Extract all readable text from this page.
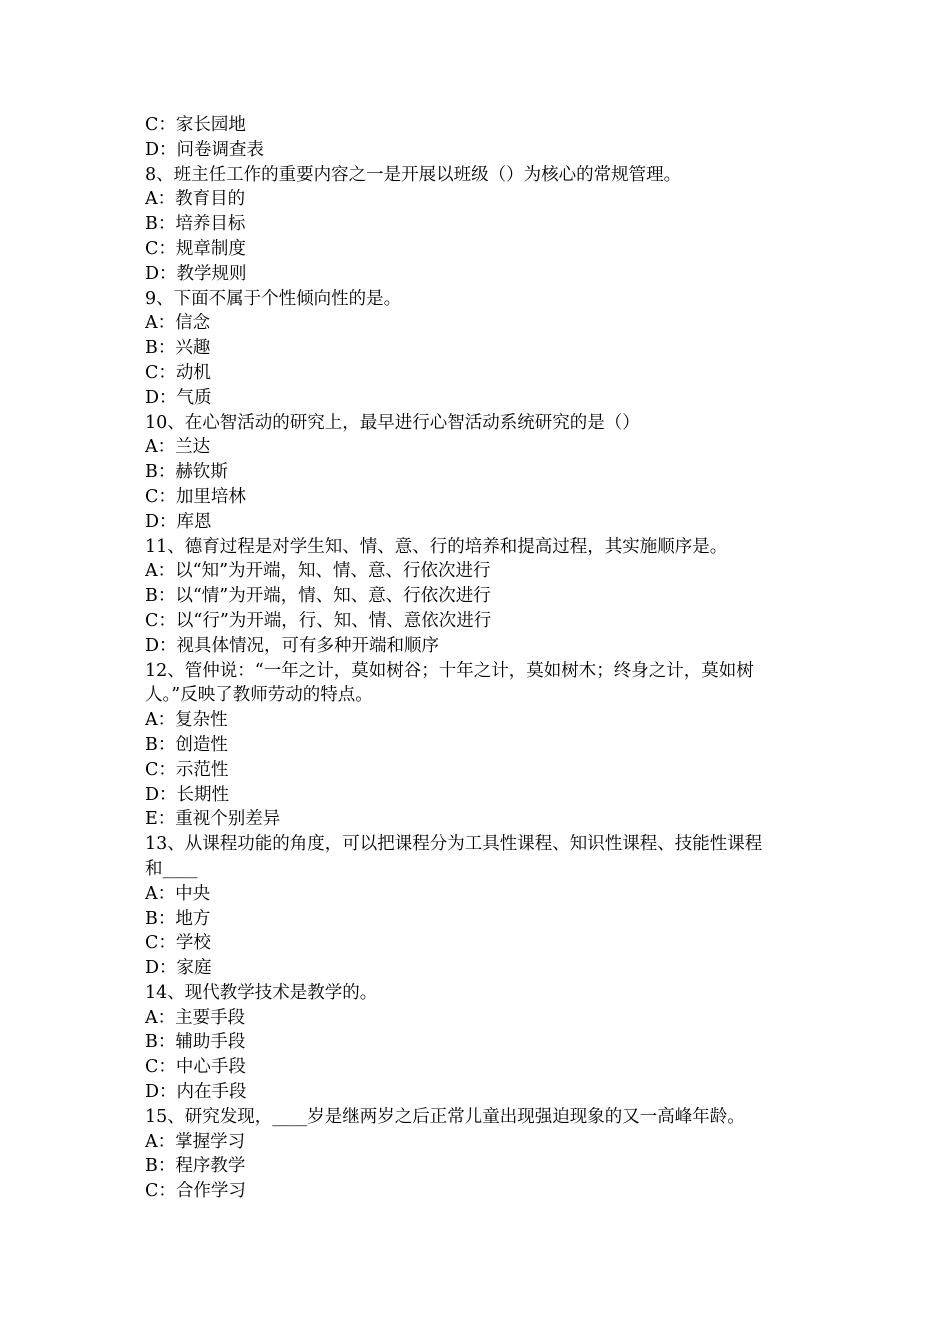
C：家长园地
D：问卷调查表
8、班主任工作的重要内容之一是开展以班级（）为核心的常规管理。
A：教育目的
B：培养目标
C：规章制度
D：教学规则
9、下面不属于个性倾向性的是。
A：信念
B：兴趣
C：动机
D：气质
10、在心智活动的研究上，最早进行心智活动系统研究的是（）
A：兰达
B：赫钦斯
C：加里培林
D：库恩
11、德育过程是对学生知、情、意、行的培养和提高过程，其实施顺序是。
A：以“知”为开端，知、情、意、行依次进行
B：以“情”为开端，情、知、意、行依次进行
C：以“行”为开端，行、知、情、意依次进行
D：视具体情况，可有多种开端和顺序
12、管仲说：“一年之计，莫如树谷；十年之计，莫如树木；终身之计，莫如树
人。”反映了教师劳动的特点。
A：复杂性
B：创造性
C：示范性
D：长期性
E：重视个别差异
13、从课程功能的角度，可以把课程分为工具性课程、知识性课程、技能性课程
和____
A：中央
B：地方
C：学校
D：家庭
14、现代教学技术是教学的。
A：主要手段
B：辅助手段
C：中心手段
D：内在手段
15、研究发现，____岁是继两岁之后正常儿童出现强迫现象的又一高峰年龄。
A：掌握学习
B：程序教学
C：合作学习
